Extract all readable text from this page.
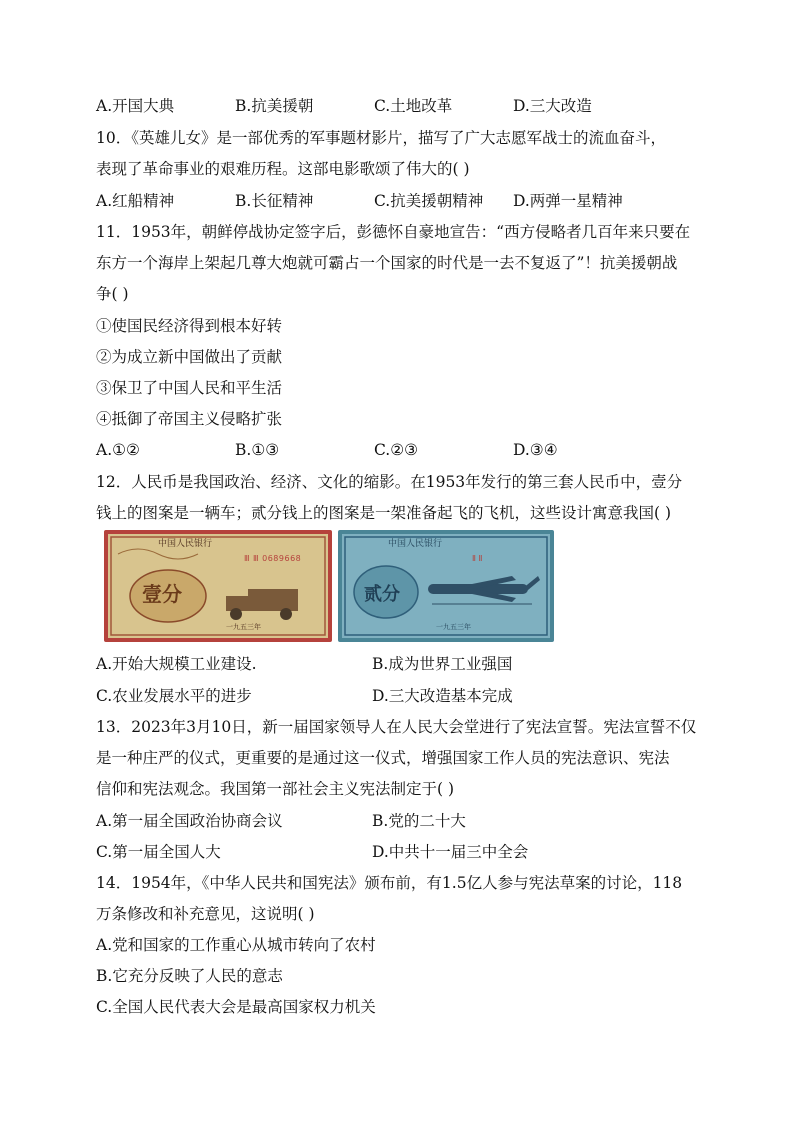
A.开国大典	B.抗美援朝	C.土地改革	D.三大改造
10．《英雄儿女》是一部优秀的军事题材影片，描写了广大志愿军战士的流血奋斗，
表现了革命事业的艰难历程。这部电影歌颂了伟大的( )
A.红船精神	B.长征精神	C.抗美援朝精神	D.两弹一星精神
11．1953年，朝鲜停战协定签字后，彭德怀自豪地宣告：“西方侵略者几百年来只要在
东方一个海岸上架起几尊大炮就可霸占一个国家的时代是一去不复返了”！抗美援朝战
争( )
①使国民经济得到根本好转
②为成立新中国做出了贡献
③保卫了中国人民和平生活
④抵御了帝国主义侵略扩张
A.①②	B.①③	C.②③	D.③④
12．人民币是我国政治、经济、文化的缩影。在1953年发行的第三套人民币中，壹分
钱上的图案是一辆车；贰分钱上的图案是一架准备起飞的飞机，这些设计寓意我国( )
中国人民银行
Ⅲ Ⅲ 0689668
壹分
一九五三年
中国人民银行
Ⅱ Ⅱ
贰分
一九五三年
A.开始大规模工业建设.	B.成为世界工业强国
C.农业发展水平的进步	D.三大改造基本完成
13．2023年3月10日，新一届国家领导人在人民大会堂进行了宪法宣誓。宪法宣誓不仅
是一种庄严的仪式，更重要的是通过这一仪式，增强国家工作人员的宪法意识、宪法
信仰和宪法观念。我国第一部社会主义宪法制定于( )
A.第一届全国政治协商会议	B.党的二十大
C.第一届全国人大	D.中共十一届三中全会
14．1954年，《中华人民共和国宪法》颁布前，有1.5亿人参与宪法草案的讨论，118
万条修改和补充意见，这说明( )
A.党和国家的工作重心从城市转向了农村
B.它充分反映了人民的意志
C.全国人民代表大会是最高国家权力机关
